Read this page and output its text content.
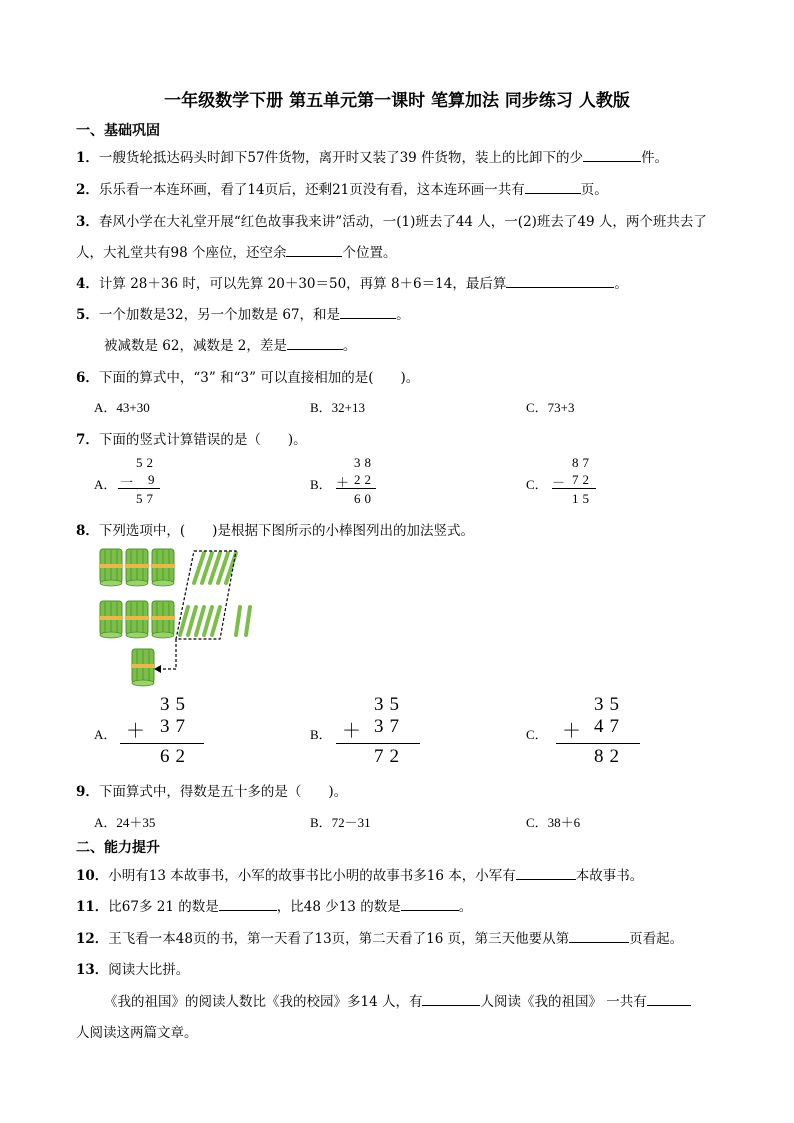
一年级数学下册 第五单元第一课时 笔算加法 同步练习 人教版
一、基础巩固
1．一艘货轮抵达码头时卸下57件货物，离开时又装了39 件货物，装上的比卸下的少	件。
2．乐乐看一本连环画，看了14页后，还剩21页没有看，这本连环画一共有	页。
3．春风小学在大礼堂开展“红色故事我来讲”活动，一(1)班去了44 人，一(2)班去了49 人，两个班共去了
人，大礼堂共有98 个座位，还空余	个位置。
4．计算 28＋36 时，可以先算 20＋30＝50，再算 8＋6＝14，最后算	。
5．一个加数是32，另一个加数是 67，和是	。
被减数是 62，减数是 2，差是	。
6．下面的算式中，“3” 和“3” 可以直接相加的是(　　)。
A．43+30	B．32+13	C．73+3
7．下面的竖式计算错误的是（　　)。
A．
52
一 9
57
B．
38
＋ 22
60
C．
87
－ 72
15
8．下列选项中，(　　)是根据下图所示的小棒图列出的加法竖式。
A．
35
＋ 37
62
B．
35
＋ 37
72
C．
35
＋ 47
82
9．下面算式中，得数是五十多的是（　　)。
A．24＋35	B．72－31	C．38＋6
二、能力提升
10．小明有13 本故事书，小军的故事书比小明的故事书多16 本，小军有	本故事书。
11．比67多 21 的数是	，比48 少13 的数是	。
12．王飞看一本48页的书，第一天看了13页，第二天看了16 页，第三天他要从第	页看起。
13．阅读大比拼。
《我的祖国》的阅读人数比《我的校园》多14 人，有	人阅读《我的祖国》 一共有
人阅读这两篇文章。
